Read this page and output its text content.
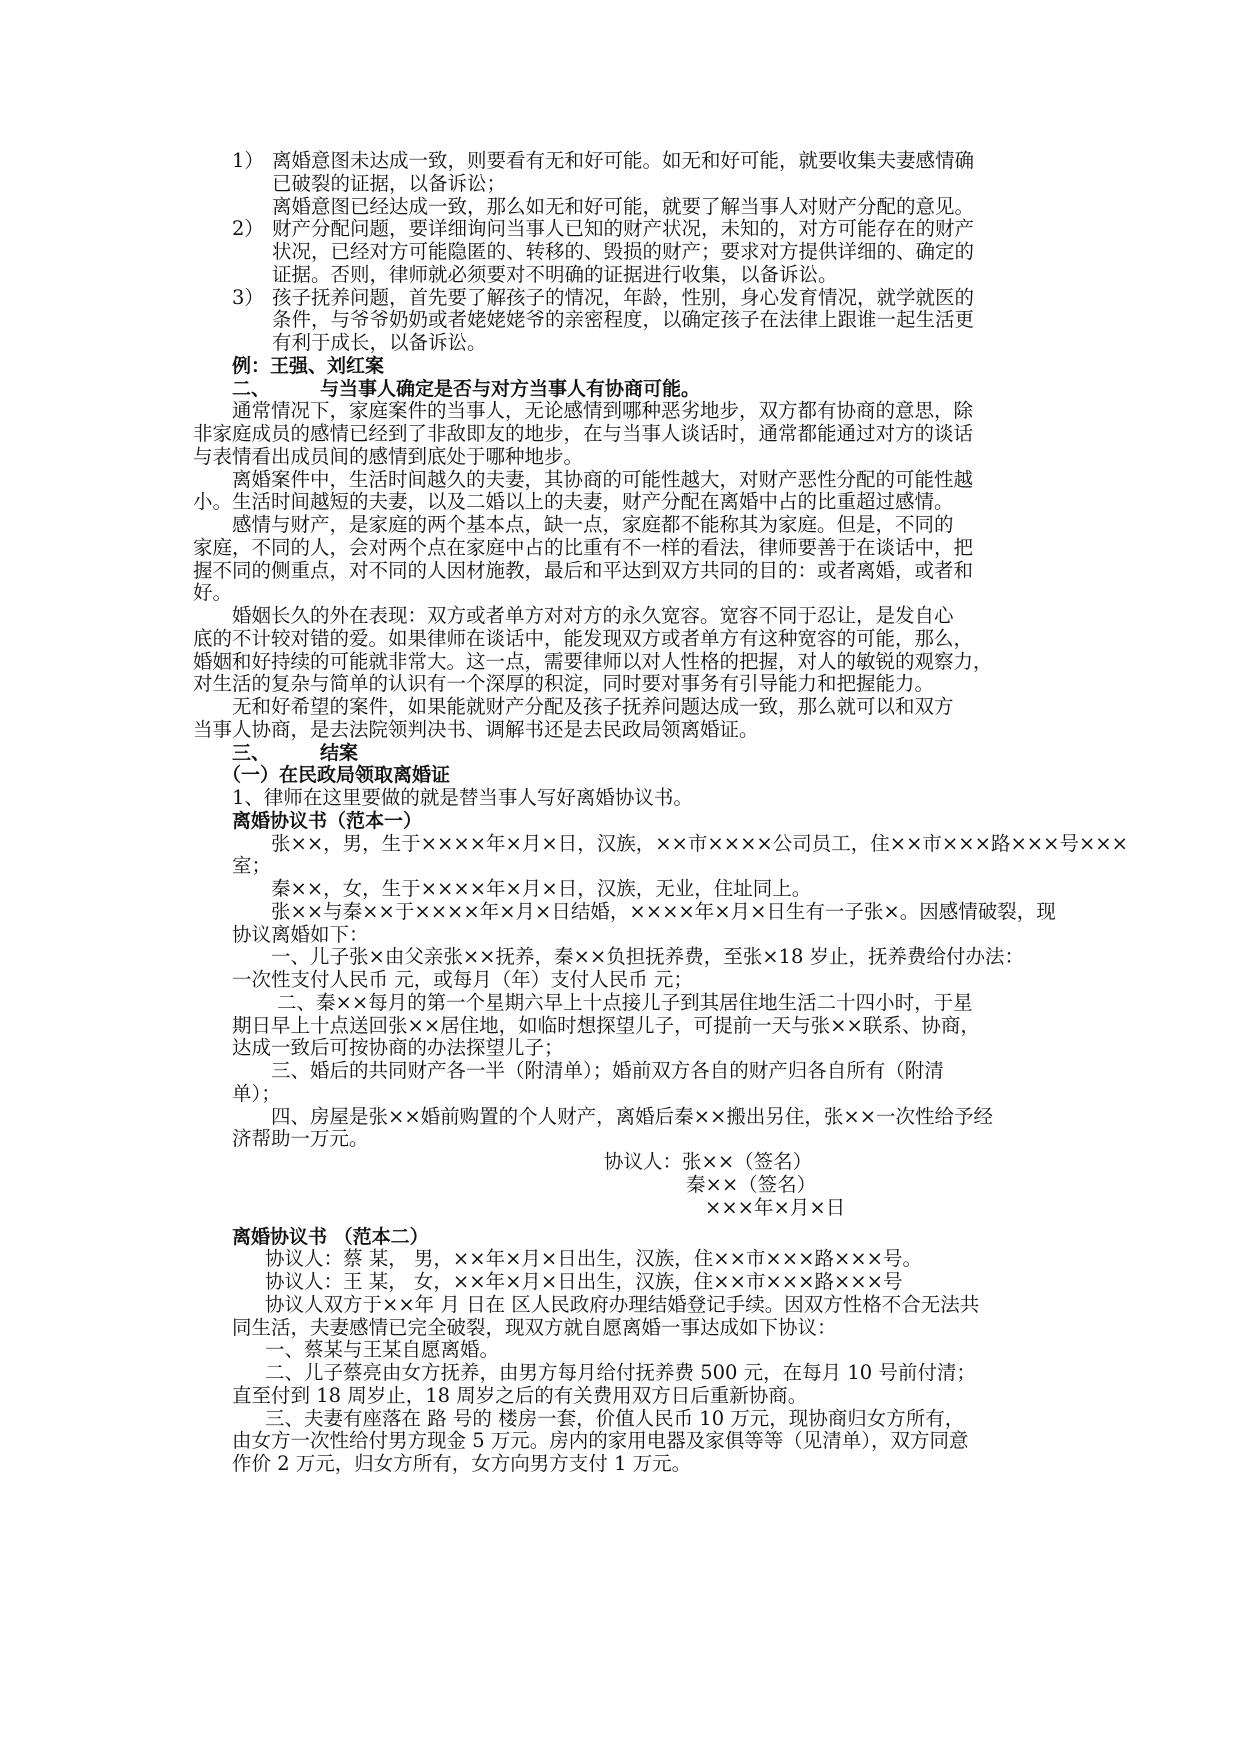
1） 离婚意图未达成一致，则要看有无和好可能。如无和好可能，就要收集夫妻感情确
已破裂的证据，以备诉讼；
离婚意图已经达成一致，那么如无和好可能，就要了解当事人对财产分配的意见。
2） 财产分配问题，要详细询问当事人已知的财产状况，未知的，对方可能存在的财产
状况，已经对方可能隐匿的、转移的、毁损的财产；要求对方提供详细的、确定的
证据。否则，律师就必须要对不明确的证据进行收集，以备诉讼。
3） 孩子抚养问题，首先要了解孩子的情况，年龄，性别，身心发育情况，就学就医的
条件，与爷爷奶奶或者姥姥姥爷的亲密程度，以确定孩子在法律上跟谁一起生活更
有利于成长，以备诉讼。
例：王强、刘红案
二、	与当事人确定是否与对方当事人有协商可能。
通常情况下，家庭案件的当事人，无论感情到哪种恶劣地步，双方都有协商的意思，除
非家庭成员的感情已经到了非敌即友的地步，在与当事人谈话时，通常都能通过对方的谈话
与表情看出成员间的感情到底处于哪种地步。
离婚案件中，生活时间越久的夫妻，其协商的可能性越大，对财产恶性分配的可能性越
小。生活时间越短的夫妻，以及二婚以上的夫妻，财产分配在离婚中占的比重超过感情。
感情与财产，是家庭的两个基本点，缺一点，家庭都不能称其为家庭。但是，不同的
家庭，不同的人，会对两个点在家庭中占的比重有不一样的看法，律师要善于在谈话中，把
握不同的侧重点，对不同的人因材施教，最后和平达到双方共同的目的：或者离婚，或者和
好。
婚姻长久的外在表现：双方或者单方对对方的永久宽容。宽容不同于忍让，是发自心
底的不计较对错的爱。如果律师在谈话中，能发现双方或者单方有这种宽容的可能，那么，
婚姻和好持续的可能就非常大。这一点，需要律师以对人性格的把握，对人的敏锐的观察力，
对生活的复杂与简单的认识有一个深厚的积淀，同时要对事务有引导能力和把握能力。
无和好希望的案件，如果能就财产分配及孩子抚养问题达成一致，那么就可以和双方
当事人协商，是去法院领判决书、调解书还是去民政局领离婚证。
三、	结案
（一）在民政局领取离婚证
1、律师在这里要做的就是替当事人写好离婚协议书。
离婚协议书（范本一）
张××，男，生于××××年×月×日，汉族，××市××××公司员工，住××市×××路×××号×××
室；
秦××，女，生于××××年×月×日，汉族，无业，住址同上。
张××与秦××于××××年×月×日结婚，××××年×月×日生有一子张×。因感情破裂，现
协议离婚如下：
一、儿子张×由父亲张××抚养，秦××负担抚养费，至张×18 岁止，抚养费给付办法：
一次性支付人民币 元，或每月（年）支付人民币 元；
二、秦××每月的第一个星期六早上十点接儿子到其居住地生活二十四小时，于星
期日早上十点送回张××居住地，如临时想探望儿子，可提前一天与张××联系、协商，
达成一致后可按协商的办法探望儿子；
三、婚后的共同财产各一半（附清单）；婚前双方各自的财产归各自所有（附清
单）；
四、房屋是张××婚前购置的个人财产，离婚后秦××搬出另住，张××一次性给予经
济帮助一万元。
协议人：张××（签名）
秦××（签名）
×××年×月×日
离婚协议书 （范本二）
协议人：蔡 某， 男，××年×月×日出生，汉族，住××市×××路×××号。
协议人：王 某， 女，××年×月×日出生，汉族，住××市×××路×××号
协议人双方于××年 月 日在 区人民政府办理结婚登记手续。因双方性格不合无法共
同生活，夫妻感情已完全破裂，现双方就自愿离婚一事达成如下协议：
一、蔡某与王某自愿离婚。
二、儿子蔡亮由女方抚养，由男方每月给付抚养费 500 元，在每月 10 号前付清；
直至付到 18 周岁止，18 周岁之后的有关费用双方日后重新协商。
三、夫妻有座落在 路 号的 楼房一套，价值人民币 10 万元，现协商归女方所有，
由女方一次性给付男方现金 5 万元。房内的家用电器及家俱等等（见清单），双方同意
作价 2 万元，归女方所有，女方向男方支付 1 万元。
